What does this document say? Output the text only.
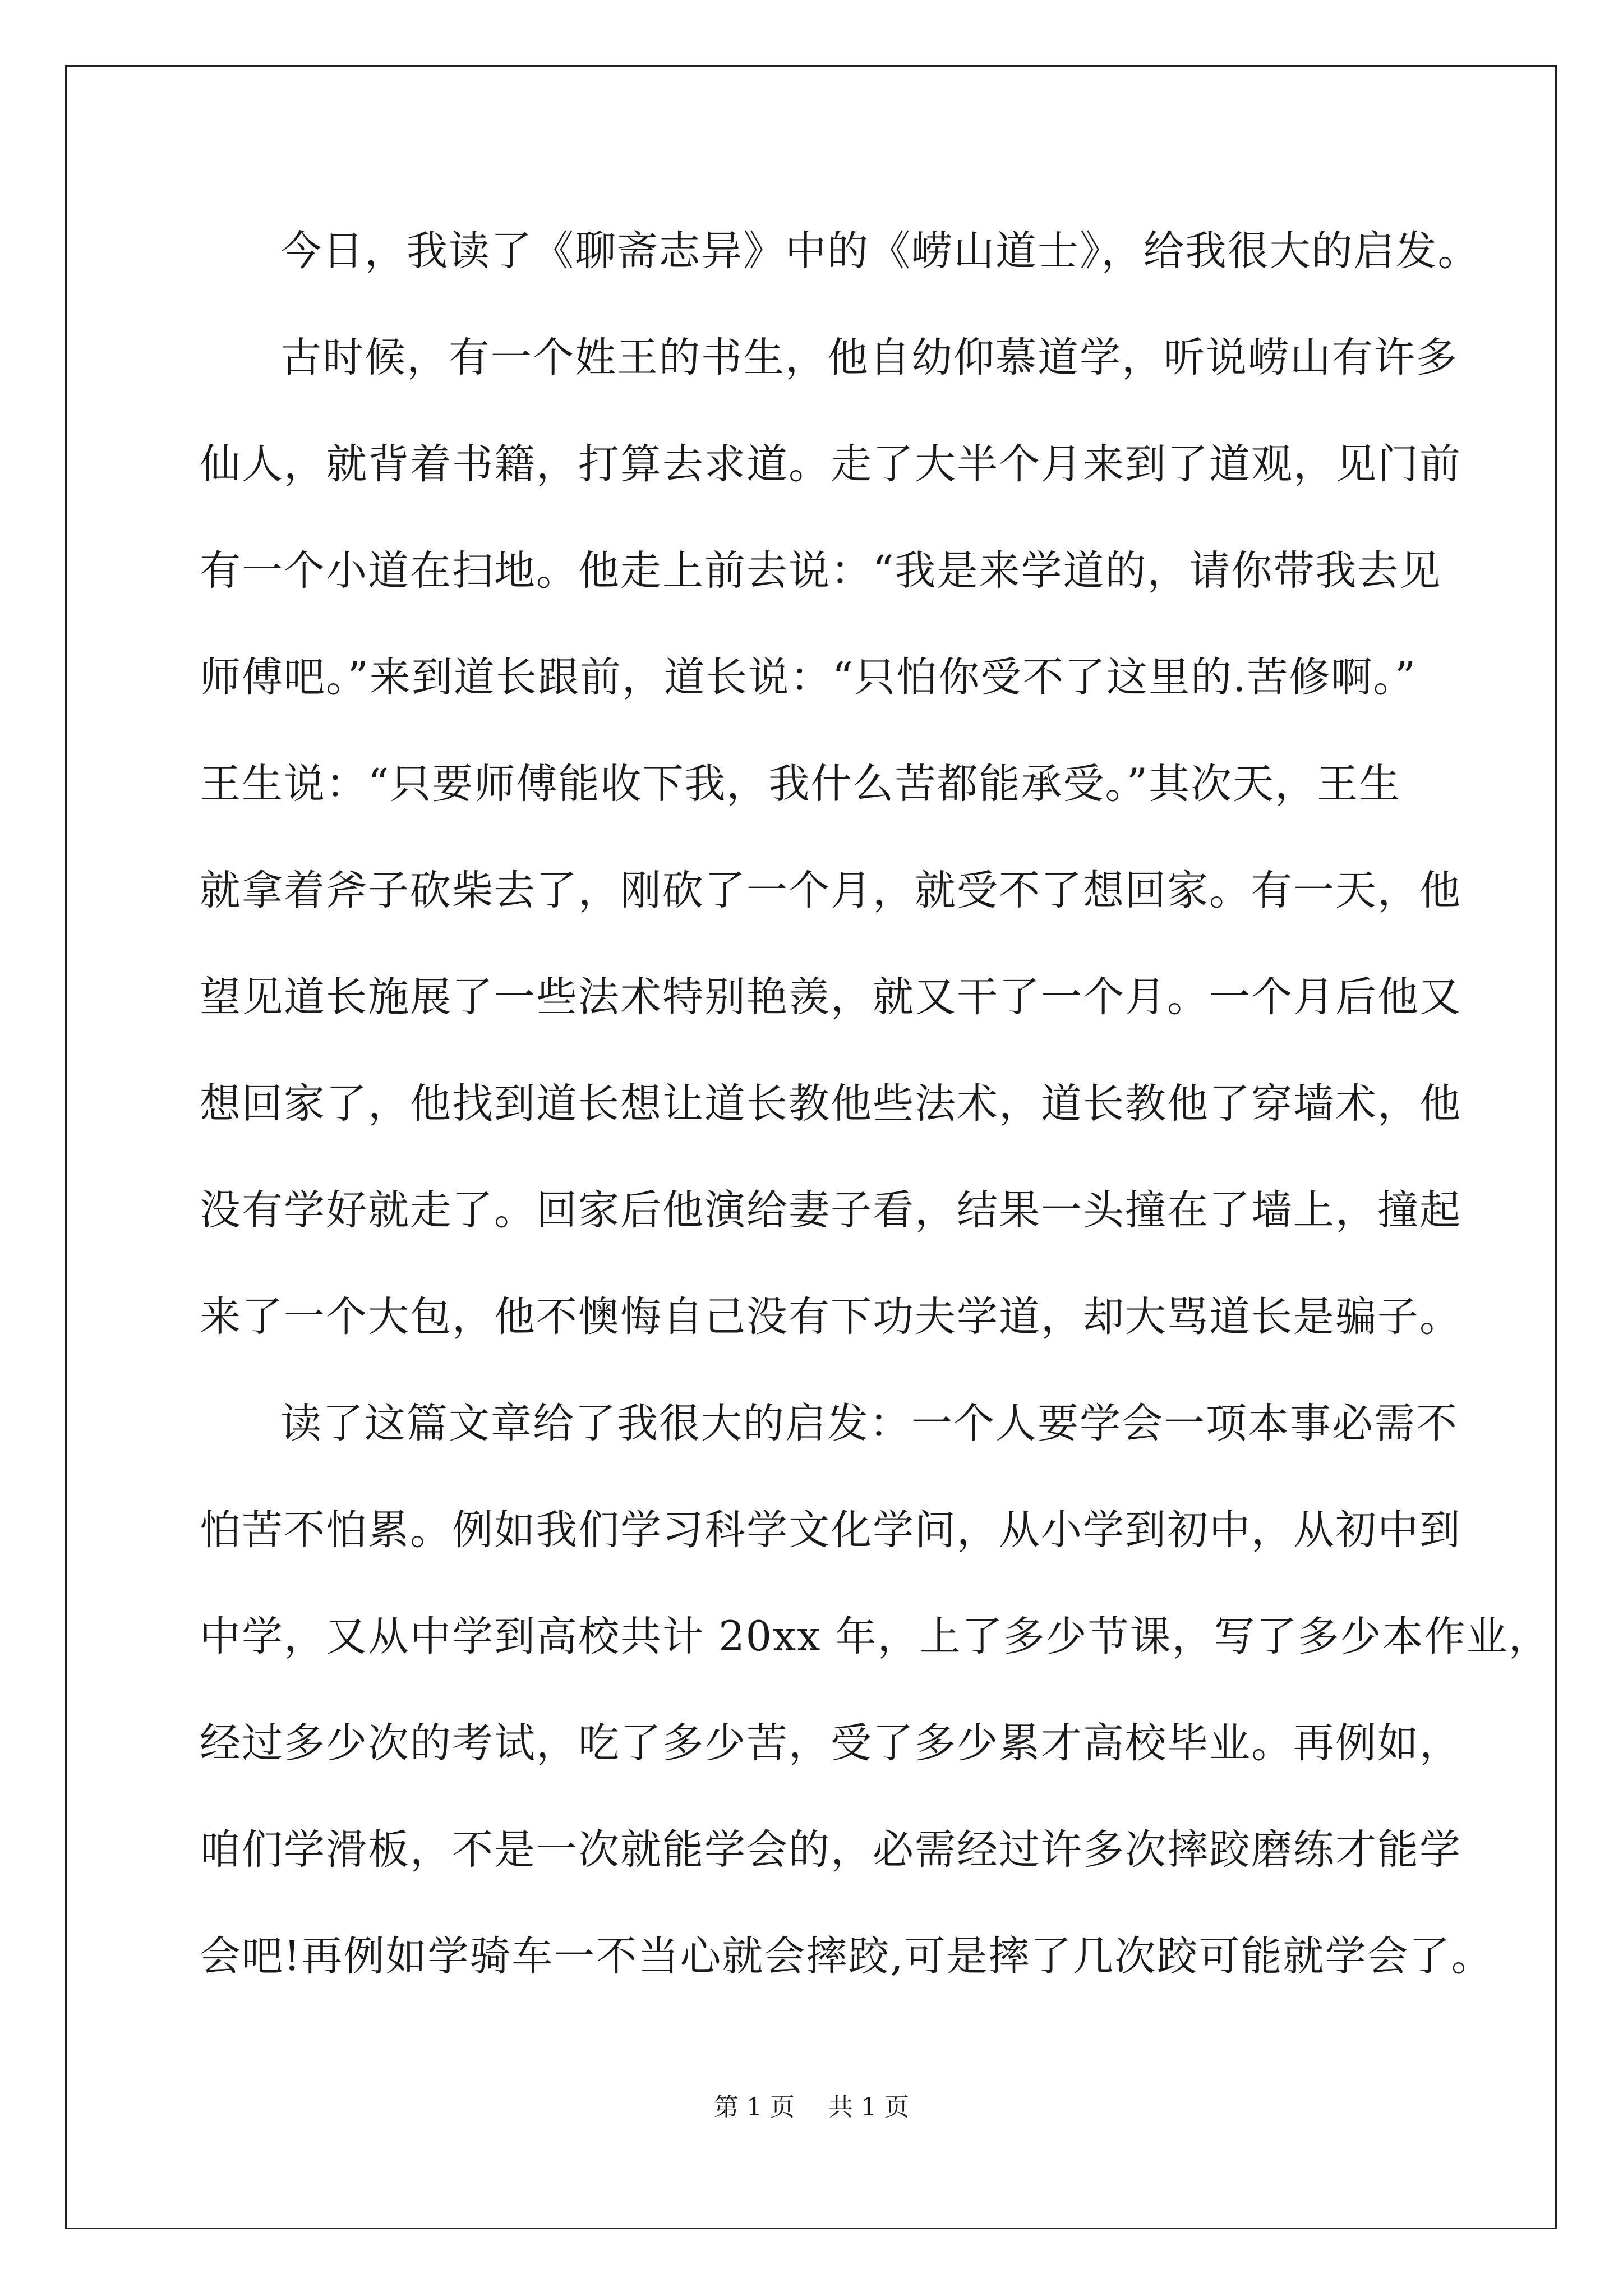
今日，我读了《聊斋志异》中的《崂山道士》，给我很大的启发。
古时候，有一个姓王的书生，他自幼仰慕道学，听说崂山有许多
仙人，就背着书籍，打算去求道。走了大半个月来到了道观，见门前
有一个小道在扫地。他走上前去说：“我是来学道的，请你带我去见
师傅吧。”来到道长跟前，道长说：“只怕你受不了这里的.苦修啊。”
王生说：“只要师傅能收下我，我什么苦都能承受。”其次天，王生
就拿着斧子砍柴去了，刚砍了一个月，就受不了想回家。有一天，他
望见道长施展了一些法术特别艳羡，就又干了一个月。一个月后他又
想回家了，他找到道长想让道长教他些法术，道长教他了穿墙术，他
没有学好就走了。回家后他演给妻子看，结果一头撞在了墙上，撞起
来了一个大包，他不懊悔自己没有下功夫学道，却大骂道长是骗子。
读了这篇文章给了我很大的启发：一个人要学会一项本事必需不
怕苦不怕累。例如我们学习科学文化学问，从小学到初中，从初中到
中学，又从中学到高校共计 20xx 年，上了多少节课，写了多少本作业，
经过多少次的考试，吃了多少苦，受了多少累才高校毕业。再例如，
咱们学滑板，不是一次就能学会的，必需经过许多次摔跤磨练才能学
会吧!再例如学骑车一不当心就会摔跤,可是摔了几次跤可能就学会了。
第 1 页 共 1 页
